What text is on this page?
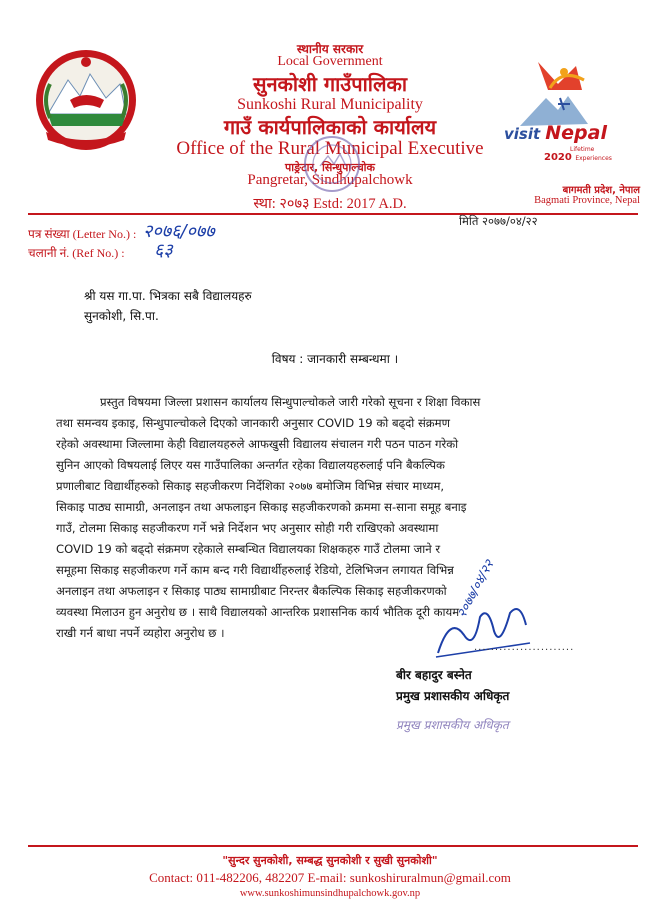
स्थानीय सरकार
Local Government
सुनकोशी गाउँपालिका
Sunkoshi Rural Municipality
गाउँ कार्यपालिकाको कार्यालय
Office of the Rural Municipal Executive
पाङ्रेटार, सिन्धुपाल्चोक
Pangretar, Sindhupalchowk
स्था: २०७३ Estd: 2017 A.D.
visit Nepal
Lifetime
2020 Experiences
बागमती प्रदेश, नेपाल
Bagmati Province, Nepal
पत्र संख्या (Letter No.) : २०७६/०७७
चलानी नं. (Ref No.) : ६३
मिति २०७७/०४/२२
श्री यस गा.पा. भित्रका सबै विद्यालयहरु
सुनकोशी, सि.पा.
विषय : जानकारी सम्बन्धमा ।
प्रस्तुत विषयमा जिल्ला प्रशासन कार्यालय सिन्धुपाल्चोकले जारी गरेको सूचना र शिक्षा विकास
तथा समन्वय इकाइ, सिन्धुपाल्चोकले दिएको जानकारी अनुसार COVID 19 को बढ्दो संक्रमण
रहेको अवस्थामा जिल्लामा केही विद्यालयहरुले आफखुसी विद्यालय संचालन गरी पठन पाठन गरेको
सुनिन आएको विषयलाई लिएर यस गाउँपालिका अन्तर्गत रहेका विद्यालयहरुलाई पनि बैकल्पिक
प्रणालीबाट विद्यार्थीहरुको सिकाइ सहजीकरण निर्देशिका २०७७ बमोजिम विभिन्न संचार माध्यम,
सिकाइ पाठ्य सामाग्री, अनलाइन तथा अफलाइन सिकाइ सहजीकरणको क्रममा स-साना समूह बनाइ
गाउँ, टोलमा सिकाइ सहजीकरण गर्ने भन्ने निर्देशन भए अनुसार सोही गरी राखिएको अवस्थामा
COVID 19 को बढ्दो संक्रमण रहेकाले सम्बन्धित विद्यालयका शिक्षकहरु गाउँ टोलमा जाने र
समूहमा सिकाइ सहजीकरण गर्ने काम बन्द गरी विद्यार्थीहरुलाई रेडियो, टेलिभिजन लगायत विभिन्न
अनलाइन तथा अफलाइन र सिकाइ पाठ्य सामाग्रीबाट निरन्तर बैकल्पिक सिकाइ सहजीकरणको
व्यवस्था मिलाउन हुन अनुरोध छ । साथै विद्यालयको आन्तरिक प्रशासनिक कार्य भौतिक दूरी कायम
राखी गर्न बाधा नपर्ने व्यहोरा अनुरोध छ ।
२०७७/०४/२२
........................
बीर बहादुर बस्नेत
प्रमुख प्रशासकीय अधिकृत
प्रमुख प्रशासकीय अधिकृत
"सुन्दर सुनकोशी, सम्बद्ध सुनकोशी र सुखी सुनकोशी"
Contact: 011-482206, 482207 E-mail: sunkoshiruralmun@gmail.com
www.sunkoshimunsindhupalchowk.gov.np
